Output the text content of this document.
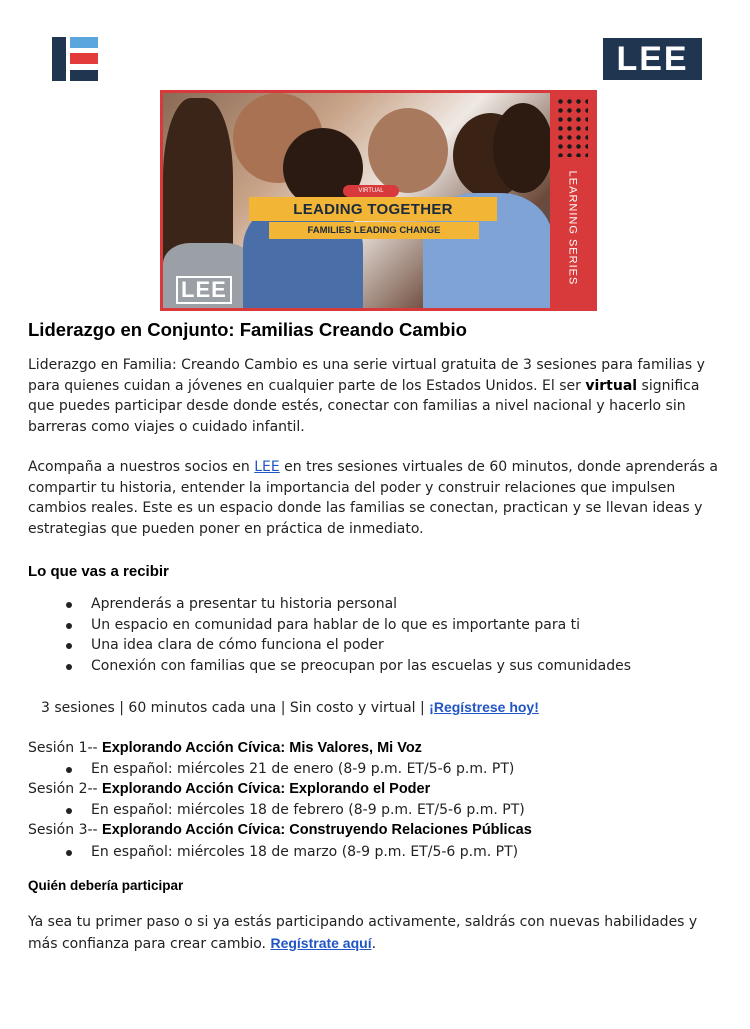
LEE
VIRTUAL
LEADING TOGETHER
FAMILIES LEADING CHANGE
LEE
LEARNING SERIES
Liderazgo en Conjunto: Familias Creando Cambio

Liderazgo en Familia: Creando Cambio es una serie virtual gratuita de 3 sesiones para familias y para quienes cuidan a jóvenes en cualquier parte de los Estados Unidos. El ser virtual significa que puedes participar desde donde estés, conectar con familias a nivel nacional y hacerlo sin barreras como viajes o cuidado infantil.

Acompaña a nuestros socios en LEE en tres sesiones virtuales de 60 minutos, donde aprenderás a compartir tu historia, entender la importancia del poder y construir relaciones que impulsen cambios reales. Este es un espacio donde las familias se conectan, practican y se llevan ideas y estrategias que pueden poner en práctica de inmediato.

Lo que vas a recibir
Aprenderás a presentar tu historia personal
Un espacio en comunidad para hablar de lo que es importante para ti
Una idea clara de cómo funciona el poder
Conexión con familias que se preocupan por las escuelas y sus comunidades
3 sesiones | 60 minutos cada una | Sin costo y virtual | ¡Regístrese hoy!
Sesión 1-- Explorando Acción Cívica: Mis Valores, Mi Voz
En español: miércoles 21 de enero (8-9 p.m. ET/5-6 p.m. PT)
Sesión 2-- Explorando Acción Cívica: Explorando el Poder
En español: miércoles 18 de febrero (8-9 p.m. ET/5-6 p.m. PT)
Sesión 3-- Explorando Acción Cívica: Construyendo Relaciones Públicas
En español: miércoles 18 de marzo (8-9 p.m. ET/5-6 p.m. PT)
Quién debería participar

Ya sea tu primer paso o si ya estás participando activamente, saldrás con nuevas habilidades y más confianza para crear cambio. Regístrate aquí.
